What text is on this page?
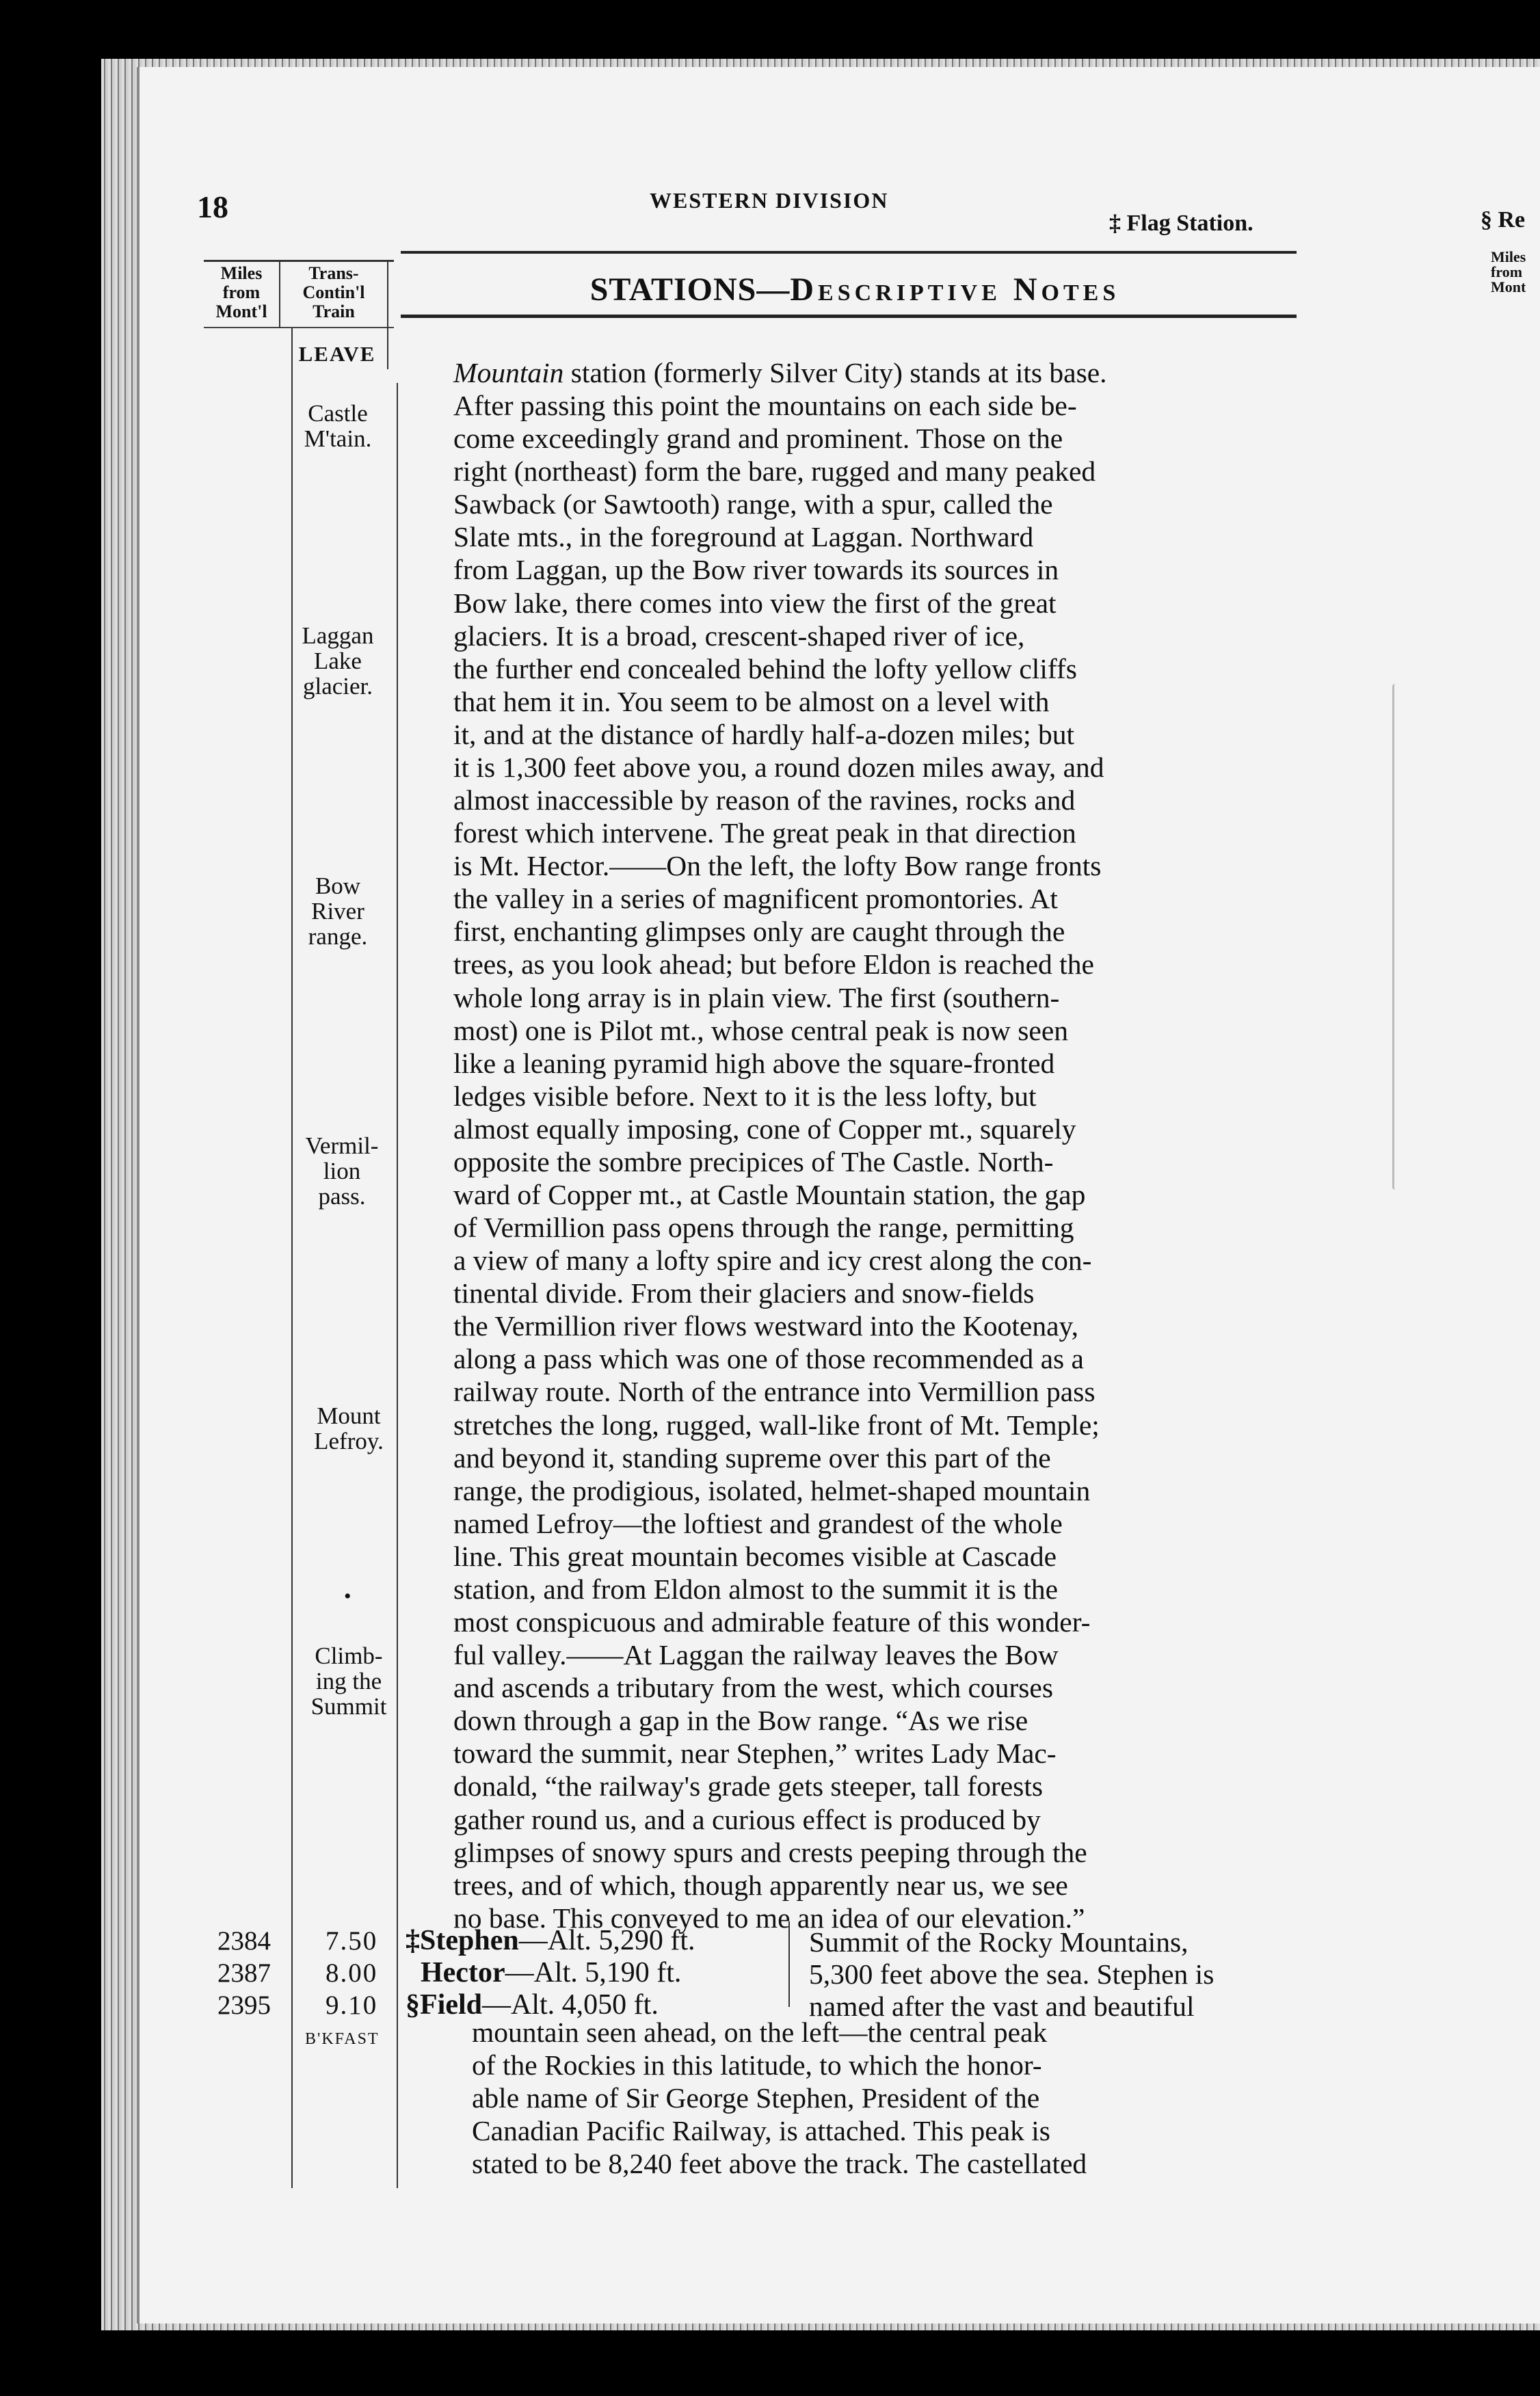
18	WESTERN DIVISION
‡ Flag Station.	§ Re
Miles
from
Mont
Miles
from
Mont'l
Trans-
Contin'l
Train
STATIONS—Descriptive Notes
LEAVE
Castle
M'tain.
Laggan
Lake
glacier.
Bow
River
range.
Vermil-
lion
pass.
Mount
Lefroy.
•
Climb-
ing the
Summit
Mountain station (formerly Silver City) stands at its base.
After passing this point the mountains on each side be-
come exceedingly grand and prominent. Those on the
right (northeast) form the bare, rugged and many peaked
Sawback (or Sawtooth) range, with a spur, called the
Slate mts., in the foreground at Laggan. Northward
from Laggan, up the Bow river towards its sources in
Bow lake, there comes into view the first of the great
glaciers. It is a broad, crescent-shaped river of ice,
the further end concealed behind the lofty yellow cliffs
that hem it in. You seem to be almost on a level with
it, and at the distance of hardly half-a-dozen miles; but
it is 1,300 feet above you, a round dozen miles away, and
almost inaccessible by reason of the ravines, rocks and
forest which intervene. The great peak in that direction
is Mt. Hector.——On the left, the lofty Bow range fronts
the valley in a series of magnificent promontories. At
first, enchanting glimpses only are caught through the
trees, as you look ahead; but before Eldon is reached the
whole long array is in plain view. The first (southern-
most) one is Pilot mt., whose central peak is now seen
like a leaning pyramid high above the square-fronted
ledges visible before. Next to it is the less lofty, but
almost equally imposing, cone of Copper mt., squarely
opposite the sombre precipices of The Castle. North-
ward of Copper mt., at Castle Mountain station, the gap
of Vermillion pass opens through the range, permitting
a view of many a lofty spire and icy crest along the con-
tinental divide. From their glaciers and snow-fields
the Vermillion river flows westward into the Kootenay,
along a pass which was one of those recommended as a
railway route. North of the entrance into Vermillion pass
stretches the long, rugged, wall-like front of Mt. Temple;
and beyond it, standing supreme over this part of the
range, the prodigious, isolated, helmet-shaped mountain
named Lefroy—the loftiest and grandest of the whole
line. This great mountain becomes visible at Cascade
station, and from Eldon almost to the summit it is the
most conspicuous and admirable feature of this wonder-
ful valley.——At Laggan the railway leaves the Bow
and ascends a tributary from the west, which courses
down through a gap in the Bow range. “As we rise
toward the summit, near Stephen,” writes Lady Mac-
donald, “the railway's grade gets steeper, tall forests
gather round us, and a curious effect is produced by
glimpses of snowy spurs and crests peeping through the
trees, and of which, though apparently near us, we see
no base. This conveyed to me an idea of our elevation.”
2384 7.50 ‡Stephen—Alt. 5,290 ft.
2387 8.00	Hector—Alt. 5,190 ft.
2395 9.10 §Field—Alt. 4,050 ft.
B'KFAST
Summit of the Rocky Mountains,
5,300 feet above the sea. Stephen is
named after the vast and beautiful
mountain seen ahead, on the left—the central peak
of the Rockies in this latitude, to which the honor-
able name of Sir George Stephen, President of the
Canadian Pacific Railway, is attached. This peak is
stated to be 8,240 feet above the track. The castellated
